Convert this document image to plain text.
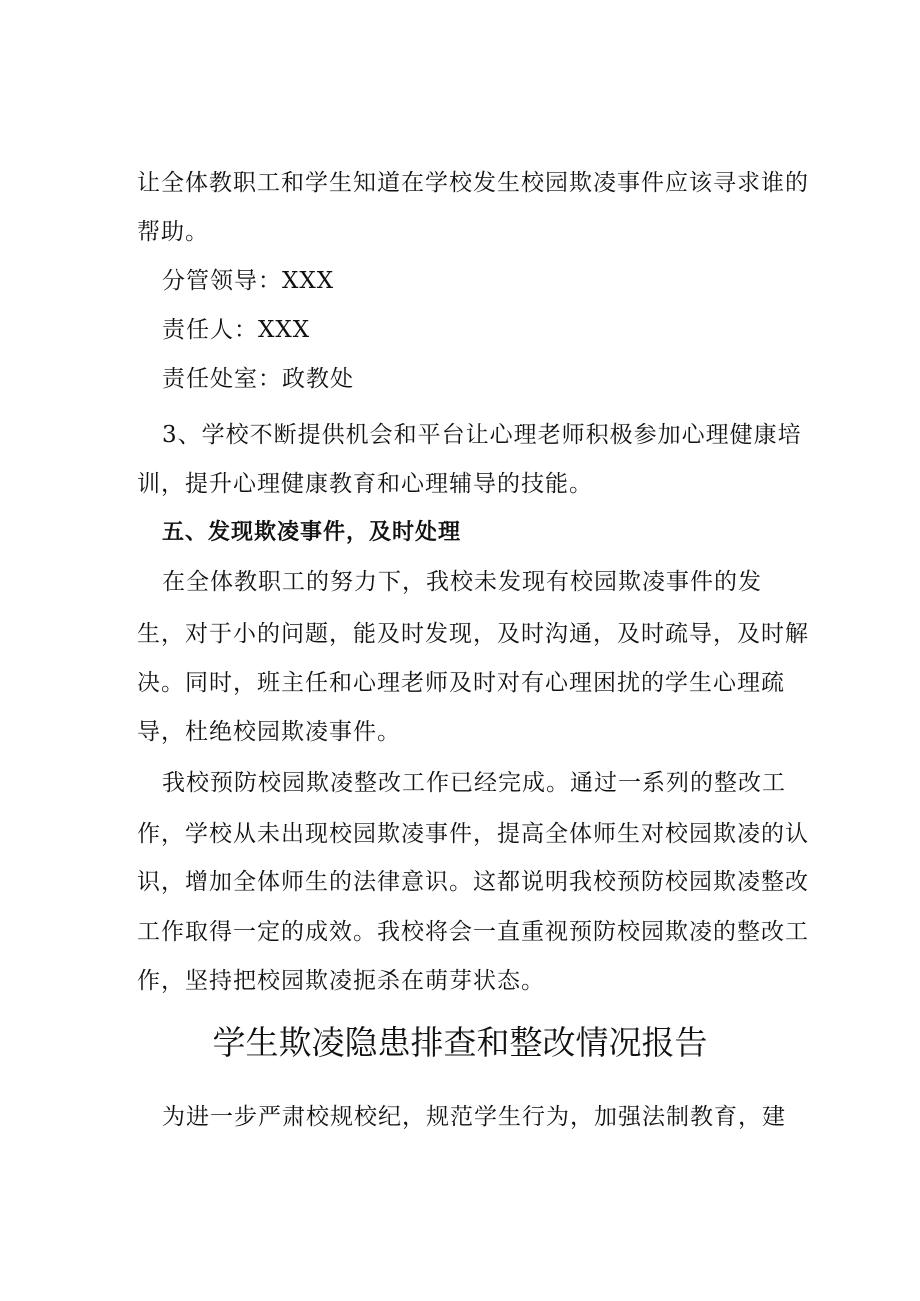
让全体教职工和学生知道在学校发生校园欺凌事件应该寻求谁的
帮助。
分管领导：XXX
责任人：XXX
责任处室：政教处
3、学校不断提供机会和平台让心理老师积极参加心理健康培
训，提升心理健康教育和心理辅导的技能。
五、发现欺凌事件，及时处理
在全体教职工的努力下，我校未发现有校园欺凌事件的发
生，对于小的问题，能及时发现，及时沟通，及时疏导，及时解
决。同时，班主任和心理老师及时对有心理困扰的学生心理疏
导，杜绝校园欺凌事件。
我校预防校园欺凌整改工作已经完成。通过一系列的整改工
作，学校从未出现校园欺凌事件，提高全体师生对校园欺凌的认
识，增加全体师生的法律意识。这都说明我校预防校园欺凌整改
工作取得一定的成效。我校将会一直重视预防校园欺凌的整改工
作，坚持把校园欺凌扼杀在萌芽状态。
学生欺凌隐患排查和整改情况报告
为进一步严肃校规校纪，规范学生行为，加强法制教育，建
